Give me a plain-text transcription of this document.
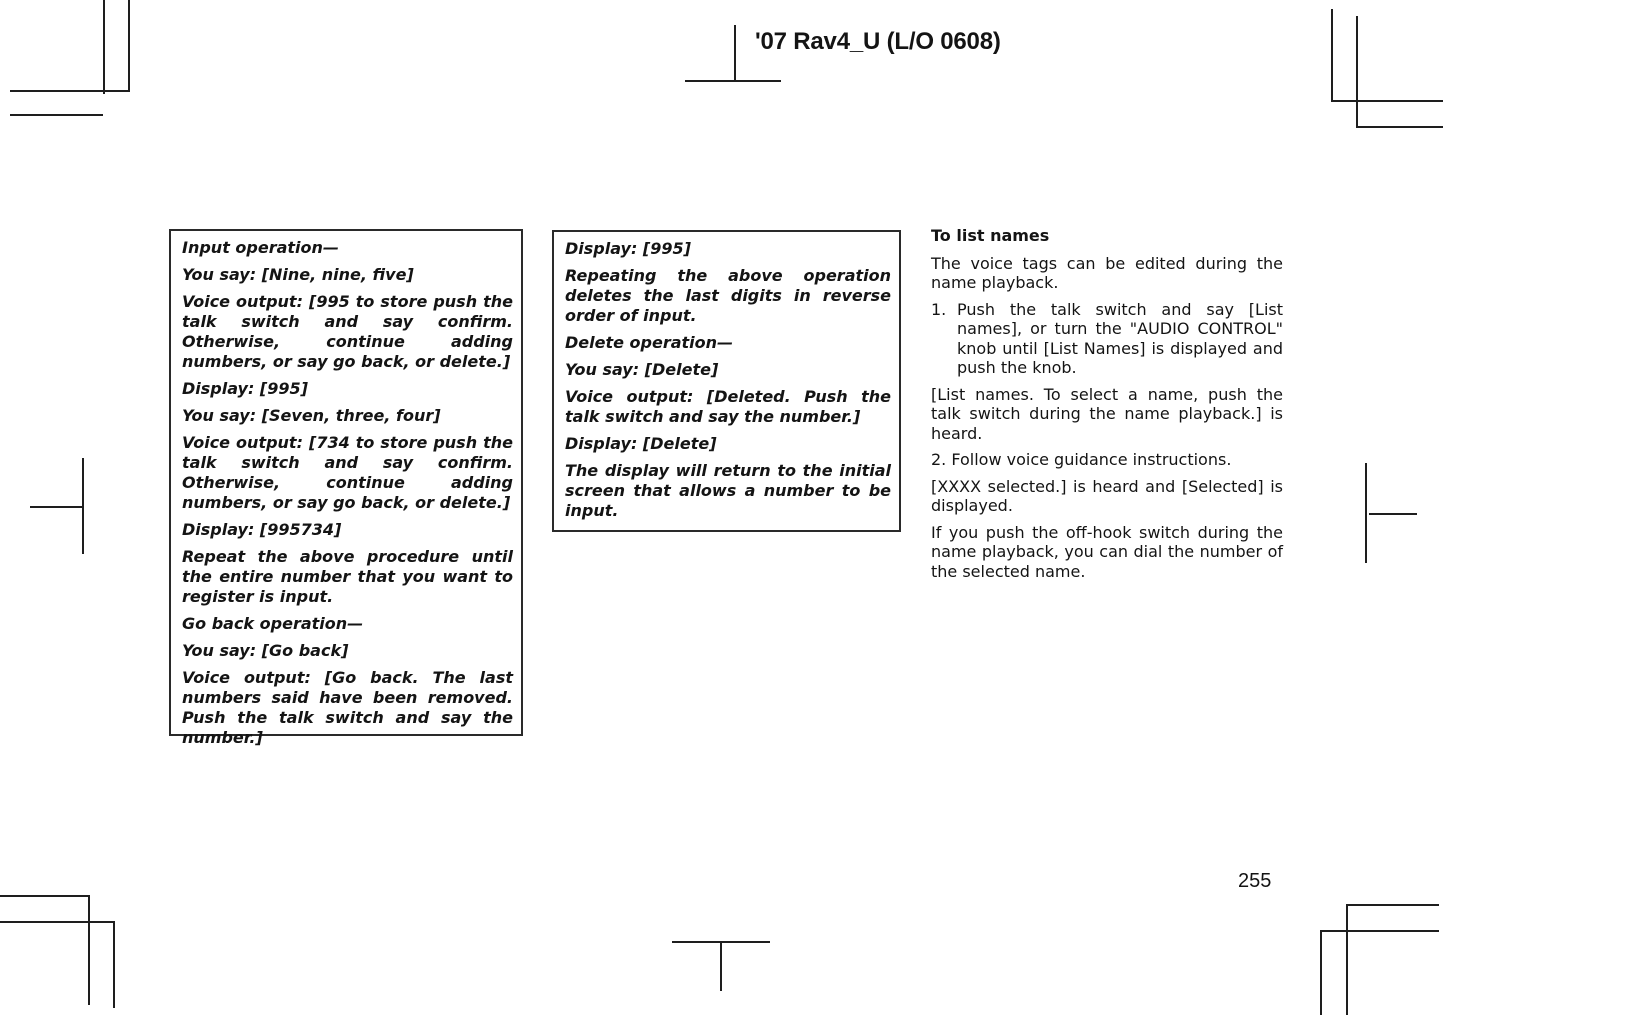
'07 Rav4_U (L/O 0608)

Input operation—

You say: [Nine, nine, five]

Voice output: [995 to store push the talk switch and say confirm. Otherwise, continue adding numbers, or say go back, or delete.]

Display: [995]

You say: [Seven, three, four]

Voice output: [734 to store push the talk switch and say confirm. Otherwise, continue adding numbers, or say go back, or delete.]

Display: [995734]

Repeat the above procedure until the entire number that you want to register is input.

Go back operation—

You say: [Go back]

Voice output: [Go back. The last numbers said have been removed. Push the talk switch and say the number.]

Display: [995]

Repeating the above operation deletes the last digits in reverse order of input.

Delete operation—

You say: [Delete]

Voice output: [Deleted. Push the talk switch and say the number.]

Display: [Delete]

The display will return to the initial screen that allows a number to be input.

To list names

The voice tags can be edited during the name playback.

1. Push the talk switch and say [List names], or turn the "AUDIO CONTROL" knob until [List Names] is displayed and push the knob.

[List names. To select a name, push the talk switch during the name playback.] is heard.

2. Follow voice guidance instructions.

[XXXX selected.] is heard and [Selected] is displayed.

If you push the off-hook switch during the name playback, you can dial the number of the selected name.

255
